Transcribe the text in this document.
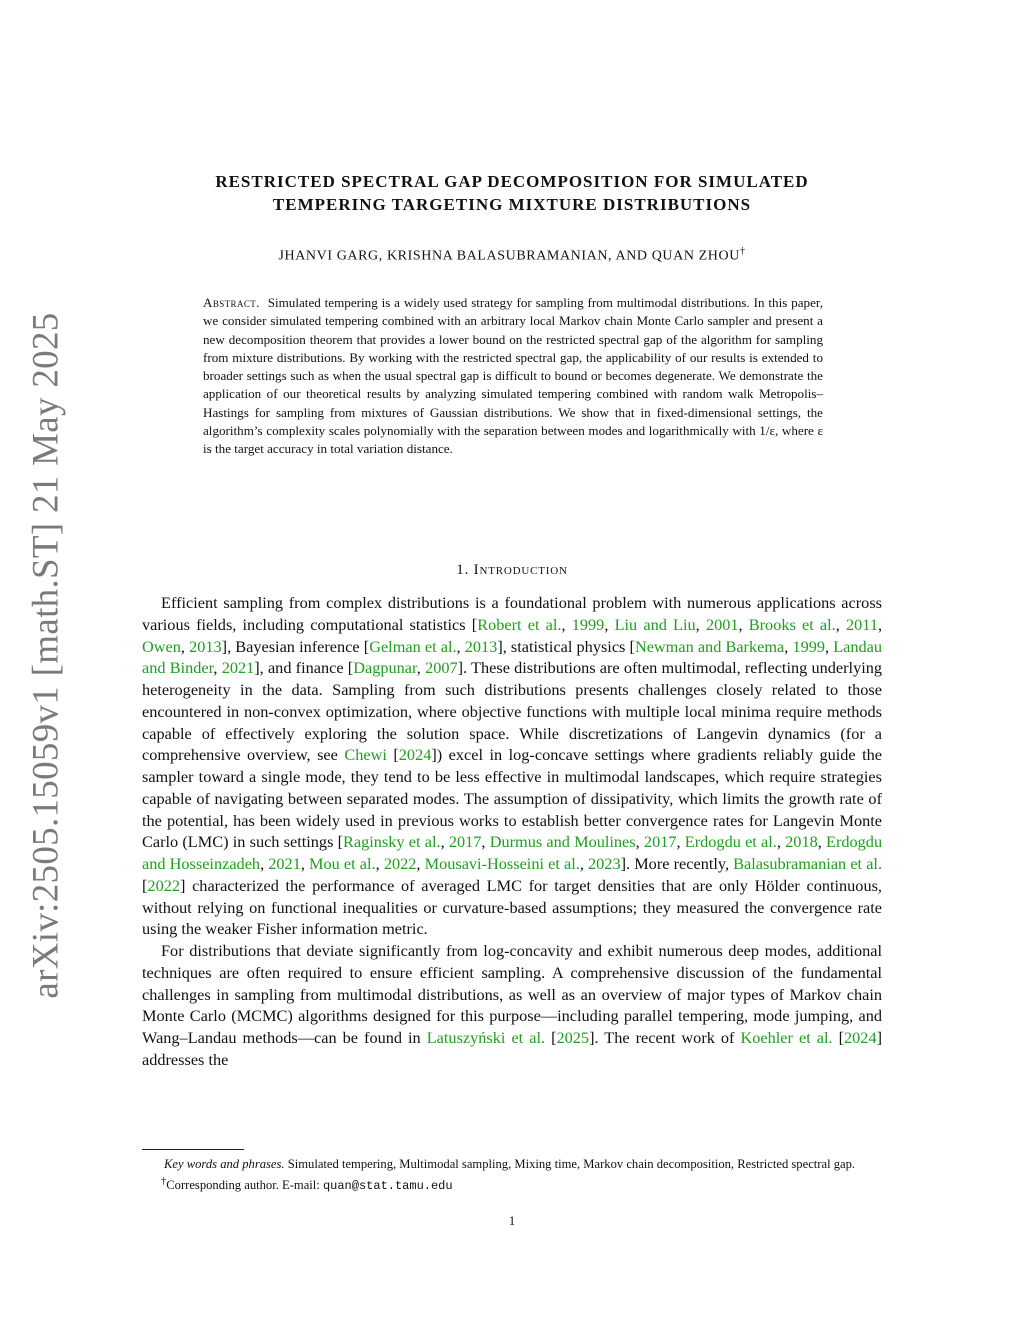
arXiv:2505.15059v1 [math.ST] 21 May 2025
RESTRICTED SPECTRAL GAP DECOMPOSITION FOR SIMULATED
TEMPERING TARGETING MIXTURE DISTRIBUTIONS
JHANVI GARG, KRISHNA BALASUBRAMANIAN, AND QUAN ZHOU†
Abstract. Simulated tempering is a widely used strategy for sampling from multimodal distributions. In this paper, we consider simulated tempering combined with an arbitrary local Markov chain Monte Carlo sampler and present a new decomposition theorem that provides a lower bound on the restricted spectral gap of the algorithm for sampling from mixture distributions. By working with the restricted spectral gap, the applicability of our results is extended to broader settings such as when the usual spectral gap is difficult to bound or becomes degenerate. We demonstrate the application of our theoretical results by analyzing simulated tempering combined with random walk Metropolis–Hastings for sampling from mixtures of Gaussian distributions. We show that in fixed-dimensional settings, the algorithm’s complexity scales polynomially with the separation between modes and logarithmically with 1/ε, where ε is the target accuracy in total variation distance.
1. Introduction

Efficient sampling from complex distributions is a foundational problem with numerous applications across various fields, including computational statistics [Robert et al., 1999, Liu and Liu, 2001, Brooks et al., 2011, Owen, 2013], Bayesian inference [Gelman et al., 2013], statistical physics [Newman and Barkema, 1999, Landau and Binder, 2021], and finance [Dagpunar, 2007]. These distributions are often multimodal, reflecting underlying heterogeneity in the data. Sampling from such distributions presents challenges closely related to those encountered in non-convex optimization, where objective functions with multiple local minima require methods capable of effectively exploring the solution space. While discretizations of Langevin dynamics (for a comprehensive overview, see Chewi [2024]) excel in log-concave settings where gradients reliably guide the sampler toward a single mode, they tend to be less effective in multimodal landscapes, which require strategies capable of navigating between separated modes. The assumption of dissipativity, which limits the growth rate of the potential, has been widely used in previous works to establish better convergence rates for Langevin Monte Carlo (LMC) in such settings [Raginsky et al., 2017, Durmus and Moulines, 2017, Erdogdu et al., 2018, Erdogdu and Hosseinzadeh, 2021, Mou et al., 2022, Mousavi-Hosseini et al., 2023]. More recently, Balasubramanian et al. [2022] characterized the performance of averaged LMC for target densities that are only Hölder continuous, without relying on functional inequalities or curvature-based assumptions; they measured the convergence rate using the weaker Fisher information metric.

For distributions that deviate significantly from log-concavity and exhibit numerous deep modes, additional techniques are often required to ensure efficient sampling. A comprehensive discussion of the fundamental challenges in sampling from multimodal distributions, as well as an overview of major types of Markov chain Monte Carlo (MCMC) algorithms designed for this purpose—including parallel tempering, mode jumping, and Wang–Landau methods—can be found in Latuszyński et al. [2025]. The recent work of Koehler et al. [2024] addresses the

Key words and phrases. Simulated tempering, Multimodal sampling, Mixing time, Markov chain decomposition, Restricted spectral gap.

†Corresponding author. E-mail: quan@stat.tamu.edu

1
